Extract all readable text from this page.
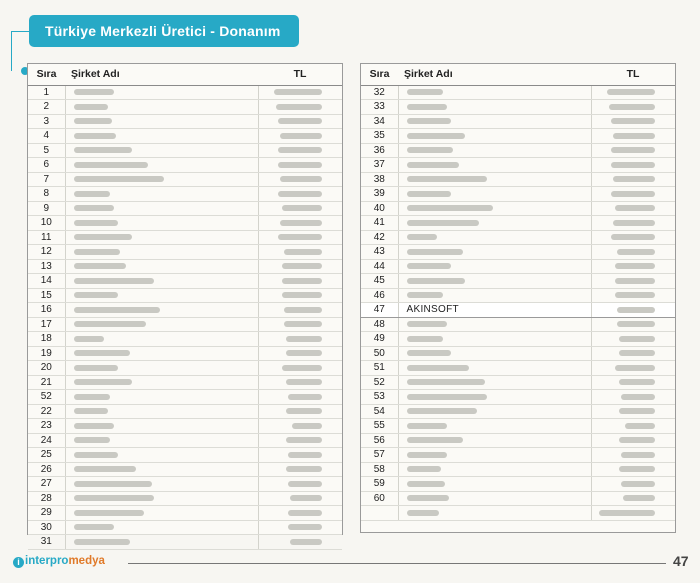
Türkiye Merkezli Üretici - Donanım
Sıra	Şirket Adı	TL
1		
2		
3		
4		
5		
6		
7		
8		
9		
10		
11		
12		
13		
14		
15		
16		
17		
18		
19		
20		
21		
52		
22		
23		
24		
25		
26		
27		
28		
29		
30		
31		
Sıra	Şirket Adı	TL
32		
33		
34		
35		
36		
37		
38		
39		
40		
41		
42		
43		
44		
45		
46		
47	AKINSOFT	
48		
49		
50		
51		
52		
53		
54		
55		
56		
57		
58		
59		
60		

i interpromedya	47
